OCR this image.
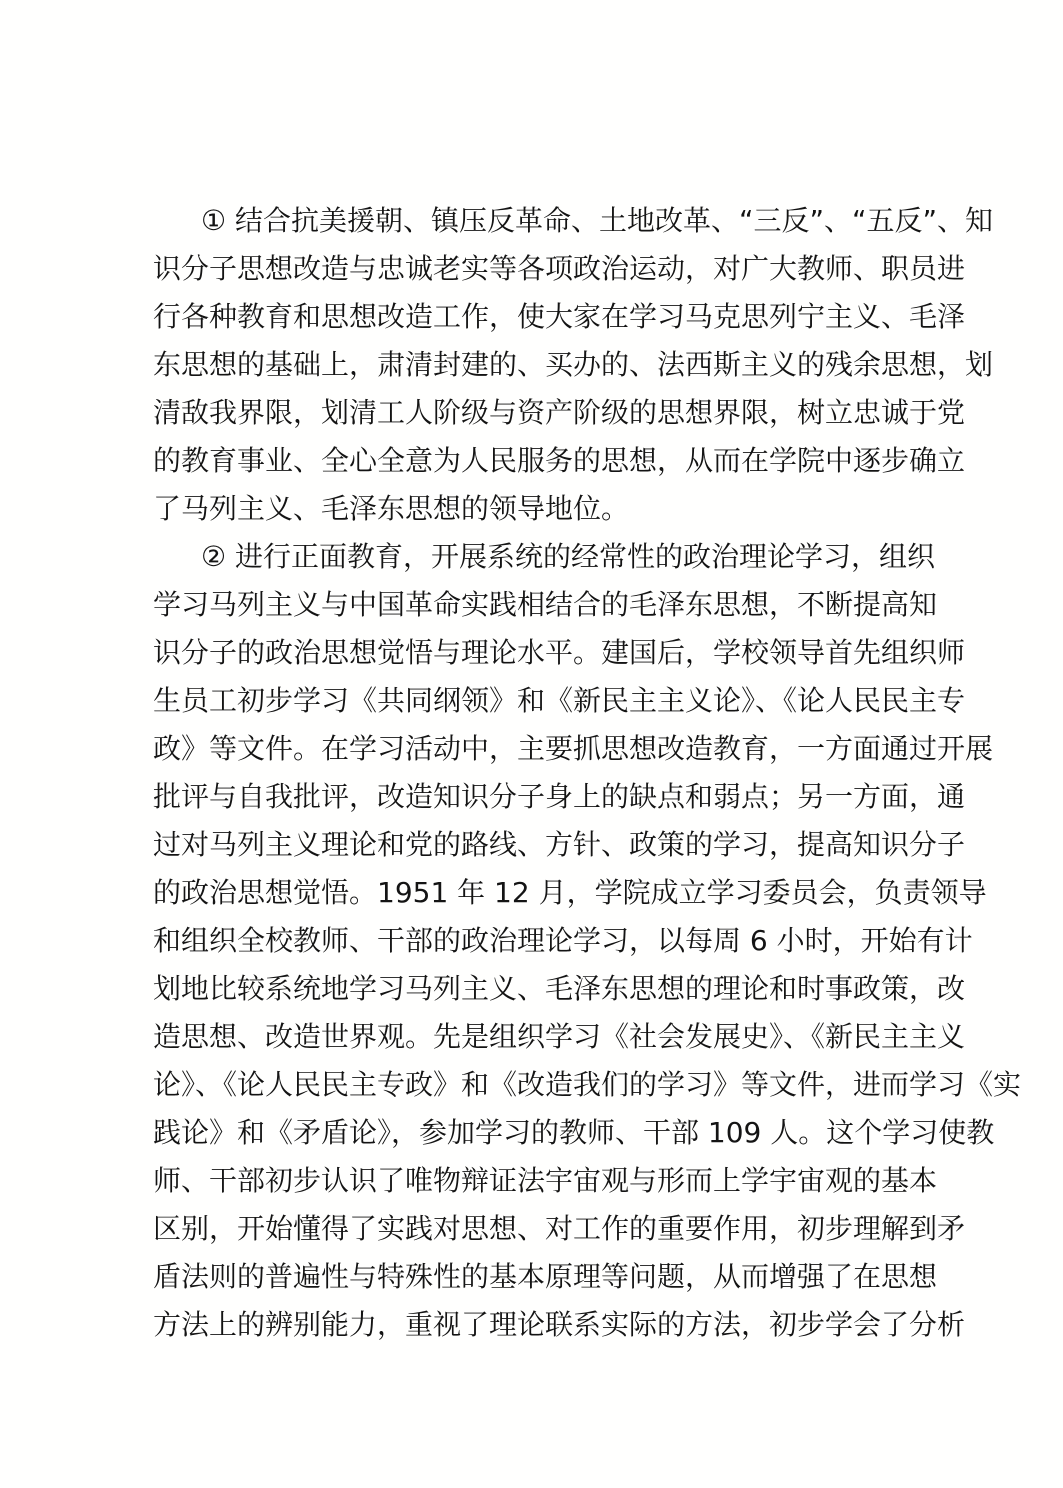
① 结合抗美援朝、镇压反革命、土地改革、“三反”、“五反”、知
识分子思想改造与忠诚老实等各项政治运动，对广大教师、职员进
行各种教育和思想改造工作，使大家在学习马克思列宁主义、毛泽
东思想的基础上，肃清封建的、买办的、法西斯主义的残余思想，划
清敌我界限，划清工人阶级与资产阶级的思想界限，树立忠诚于党
的教育事业、全心全意为人民服务的思想，从而在学院中逐步确立
了马列主义、毛泽东思想的领导地位。
② 进行正面教育，开展系统的经常性的政治理论学习，组织
学习马列主义与中国革命实践相结合的毛泽东思想，不断提高知
识分子的政治思想觉悟与理论水平。建国后，学校领导首先组织师
生员工初步学习《共同纲领》和《新民主主义论》、《论人民民主专
政》等文件。在学习活动中，主要抓思想改造教育，一方面通过开展
批评与自我批评，改造知识分子身上的缺点和弱点；另一方面，通
过对马列主义理论和党的路线、方针、政策的学习，提高知识分子
的政治思想觉悟。1951 年 12 月，学院成立学习委员会，负责领导
和组织全校教师、干部的政治理论学习，以每周 6 小时，开始有计
划地比较系统地学习马列主义、毛泽东思想的理论和时事政策，改
造思想、改造世界观。先是组织学习《社会发展史》、《新民主主义
论》、《论人民民主专政》和《改造我们的学习》等文件，进而学习《实
践论》和《矛盾论》，参加学习的教师、干部 109 人。这个学习使教
师、干部初步认识了唯物辩证法宇宙观与形而上学宇宙观的基本
区别，开始懂得了实践对思想、对工作的重要作用，初步理解到矛
盾法则的普遍性与特殊性的基本原理等问题，从而增强了在思想
方法上的辨别能力，重视了理论联系实际的方法，初步学会了分析
